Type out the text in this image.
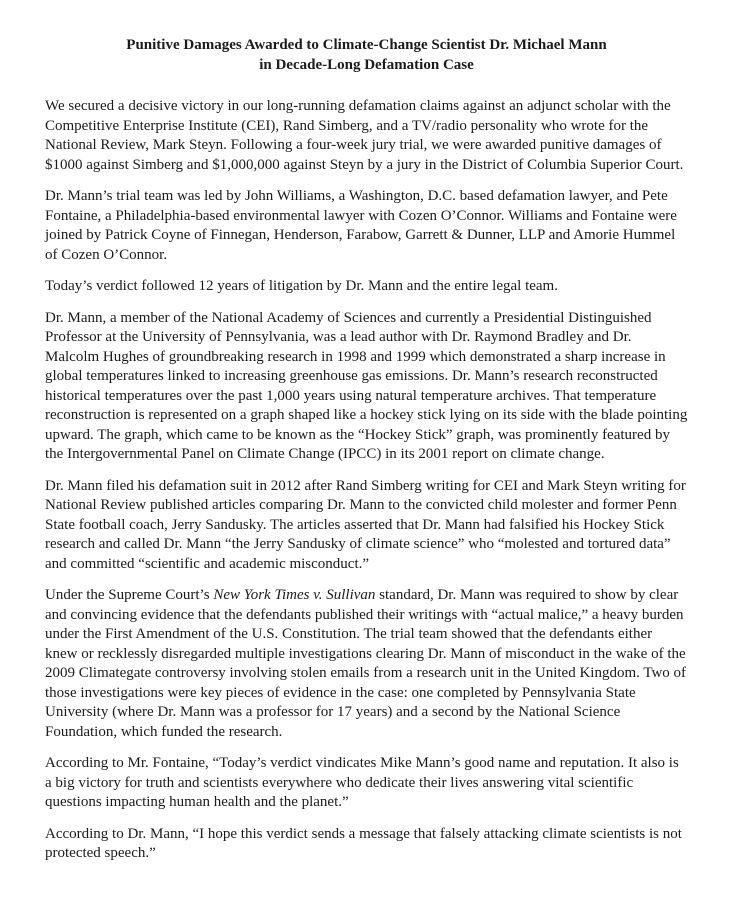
Punitive Damages Awarded to Climate-Change Scientist Dr. Michael Mann
in Decade-Long Defamation Case

We secured a decisive victory in our long-running defamation claims against an adjunct scholar with the Competitive Enterprise Institute (CEI), Rand Simberg, and a TV/radio personality who wrote for the National Review, Mark Steyn. Following a four-week jury trial, we were awarded punitive damages of $1000 against Simberg and $1,000,000 against Steyn by a jury in the District of Columbia Superior Court.

Dr. Mann’s trial team was led by John Williams, a Washington, D.C. based defamation lawyer, and Pete Fontaine, a Philadelphia-based environmental lawyer with Cozen O’Connor. Williams and Fontaine were joined by Patrick Coyne of Finnegan, Henderson, Farabow, Garrett & Dunner, LLP and Amorie Hummel of Cozen O’Connor.

Today’s verdict followed 12 years of litigation by Dr. Mann and the entire legal team.

Dr. Mann, a member of the National Academy of Sciences and currently a Presidential Distinguished Professor at the University of Pennsylvania, was a lead author with Dr. Raymond Bradley and Dr. Malcolm Hughes of groundbreaking research in 1998 and 1999 which demonstrated a sharp increase in global temperatures linked to increasing greenhouse gas emissions. Dr. Mann’s research reconstructed historical temperatures over the past 1,000 years using natural temperature archives. That temperature reconstruction is represented on a graph shaped like a hockey stick lying on its side with the blade pointing upward. The graph, which came to be known as the “Hockey Stick” graph, was prominently featured by the Intergovernmental Panel on Climate Change (IPCC) in its 2001 report on climate change.

Dr. Mann filed his defamation suit in 2012 after Rand Simberg writing for CEI and Mark Steyn writing for National Review published articles comparing Dr. Mann to the convicted child molester and former Penn State football coach, Jerry Sandusky. The articles asserted that Dr. Mann had falsified his Hockey Stick research and called Dr. Mann “the Jerry Sandusky of climate science” who “molested and tortured data” and committed “scientific and academic misconduct.”

Under the Supreme Court’s New York Times v. Sullivan standard, Dr. Mann was required to show by clear and convincing evidence that the defendants published their writings with “actual malice,” a heavy burden under the First Amendment of the U.S. Constitution. The trial team showed that the defendants either knew or recklessly disregarded multiple investigations clearing Dr. Mann of misconduct in the wake of the 2009 Climategate controversy involving stolen emails from a research unit in the United Kingdom. Two of those investigations were key pieces of evidence in the case: one completed by Pennsylvania State University (where Dr. Mann was a professor for 17 years) and a second by the National Science Foundation, which funded the research.

According to Mr. Fontaine, “Today’s verdict vindicates Mike Mann’s good name and reputation. It also is a big victory for truth and scientists everywhere who dedicate their lives answering vital scientific questions impacting human health and the planet.”

According to Dr. Mann, “I hope this verdict sends a message that falsely attacking climate scientists is not protected speech.”
